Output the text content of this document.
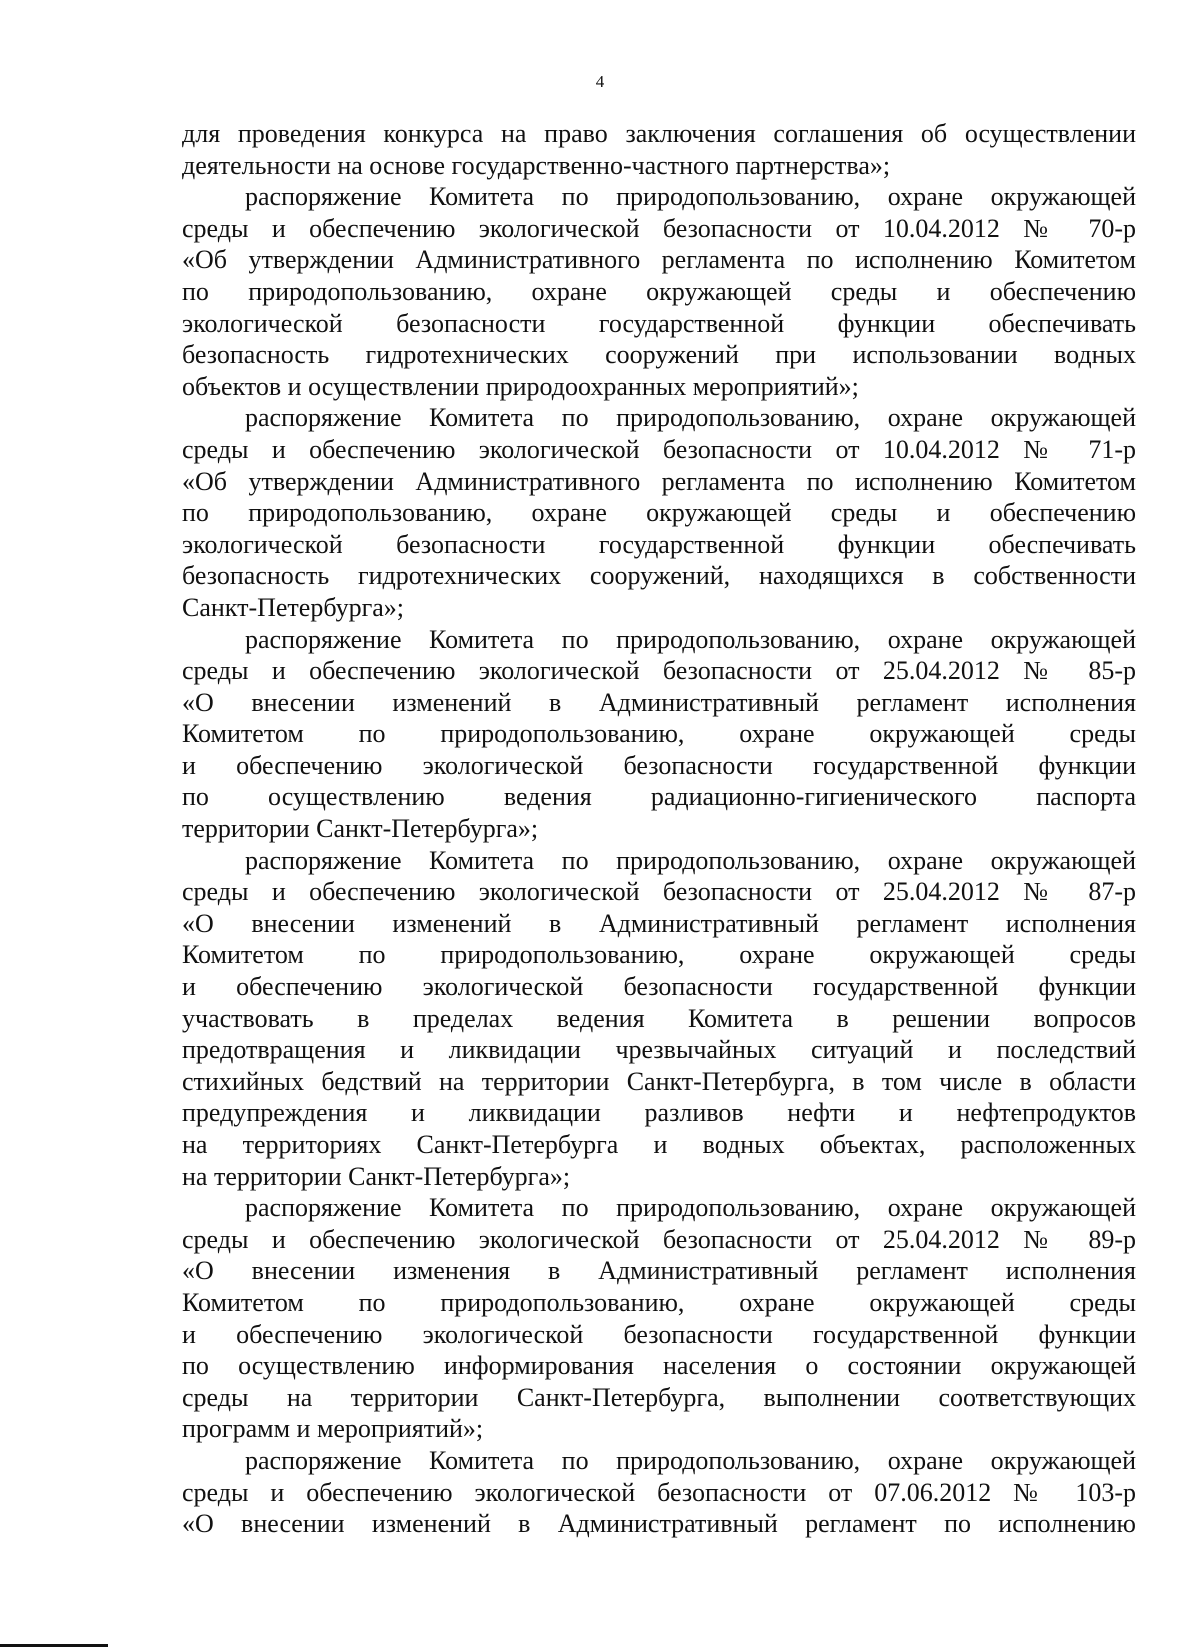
4

для проведения конкурса на право заключения соглашения об осуществлении
деятельности на основе государственно-частного партнерства»;

распоряжение Комитета по природопользованию, охране окружающей
среды и обеспечению экологической безопасности от 10.04.2012 № 70-р
«Об утверждении Административного регламента по исполнению Комитетом
по природопользованию, охране окружающей среды и обеспечению
экологической безопасности государственной функции обеспечивать
безопасность гидротехнических сооружений при использовании водных
объектов и осуществлении природоохранных мероприятий»;

распоряжение Комитета по природопользованию, охране окружающей
среды и обеспечению экологической безопасности от 10.04.2012 № 71-р
«Об утверждении Административного регламента по исполнению Комитетом
по природопользованию, охране окружающей среды и обеспечению
экологической безопасности государственной функции обеспечивать
безопасность гидротехнических сооружений, находящихся в собственности
Санкт-Петербурга»;

распоряжение Комитета по природопользованию, охране окружающей
среды и обеспечению экологической безопасности от 25.04.2012 № 85-р
«О внесении изменений в Административный регламент исполнения
Комитетом по природопользованию, охране окружающей среды
и обеспечению экологической безопасности государственной функции
по осуществлению ведения радиационно-гигиенического паспорта
территории Санкт-Петербурга»;

распоряжение Комитета по природопользованию, охране окружающей
среды и обеспечению экологической безопасности от 25.04.2012 № 87-р
«О внесении изменений в Административный регламент исполнения
Комитетом по природопользованию, охране окружающей среды
и обеспечению экологической безопасности государственной функции
участвовать в пределах ведения Комитета в решении вопросов
предотвращения и ликвидации чрезвычайных ситуаций и последствий
стихийных бедствий на территории Санкт-Петербурга, в том числе в области
предупреждения и ликвидации разливов нефти и нефтепродуктов
на территориях Санкт-Петербурга и водных объектах, расположенных
на территории Санкт-Петербурга»;

распоряжение Комитета по природопользованию, охране окружающей
среды и обеспечению экологической безопасности от 25.04.2012 № 89-р
«О внесении изменения в Административный регламент исполнения
Комитетом по природопользованию, охране окружающей среды
и обеспечению экологической безопасности государственной функции
по осуществлению информирования населения о состоянии окружающей
среды на территории Санкт-Петербурга, выполнении соответствующих
программ и мероприятий»;

распоряжение Комитета по природопользованию, охране окружающей
среды и обеспечению экологической безопасности от 07.06.2012 № 103-р
«О внесении изменений в Административный регламент по исполнению
